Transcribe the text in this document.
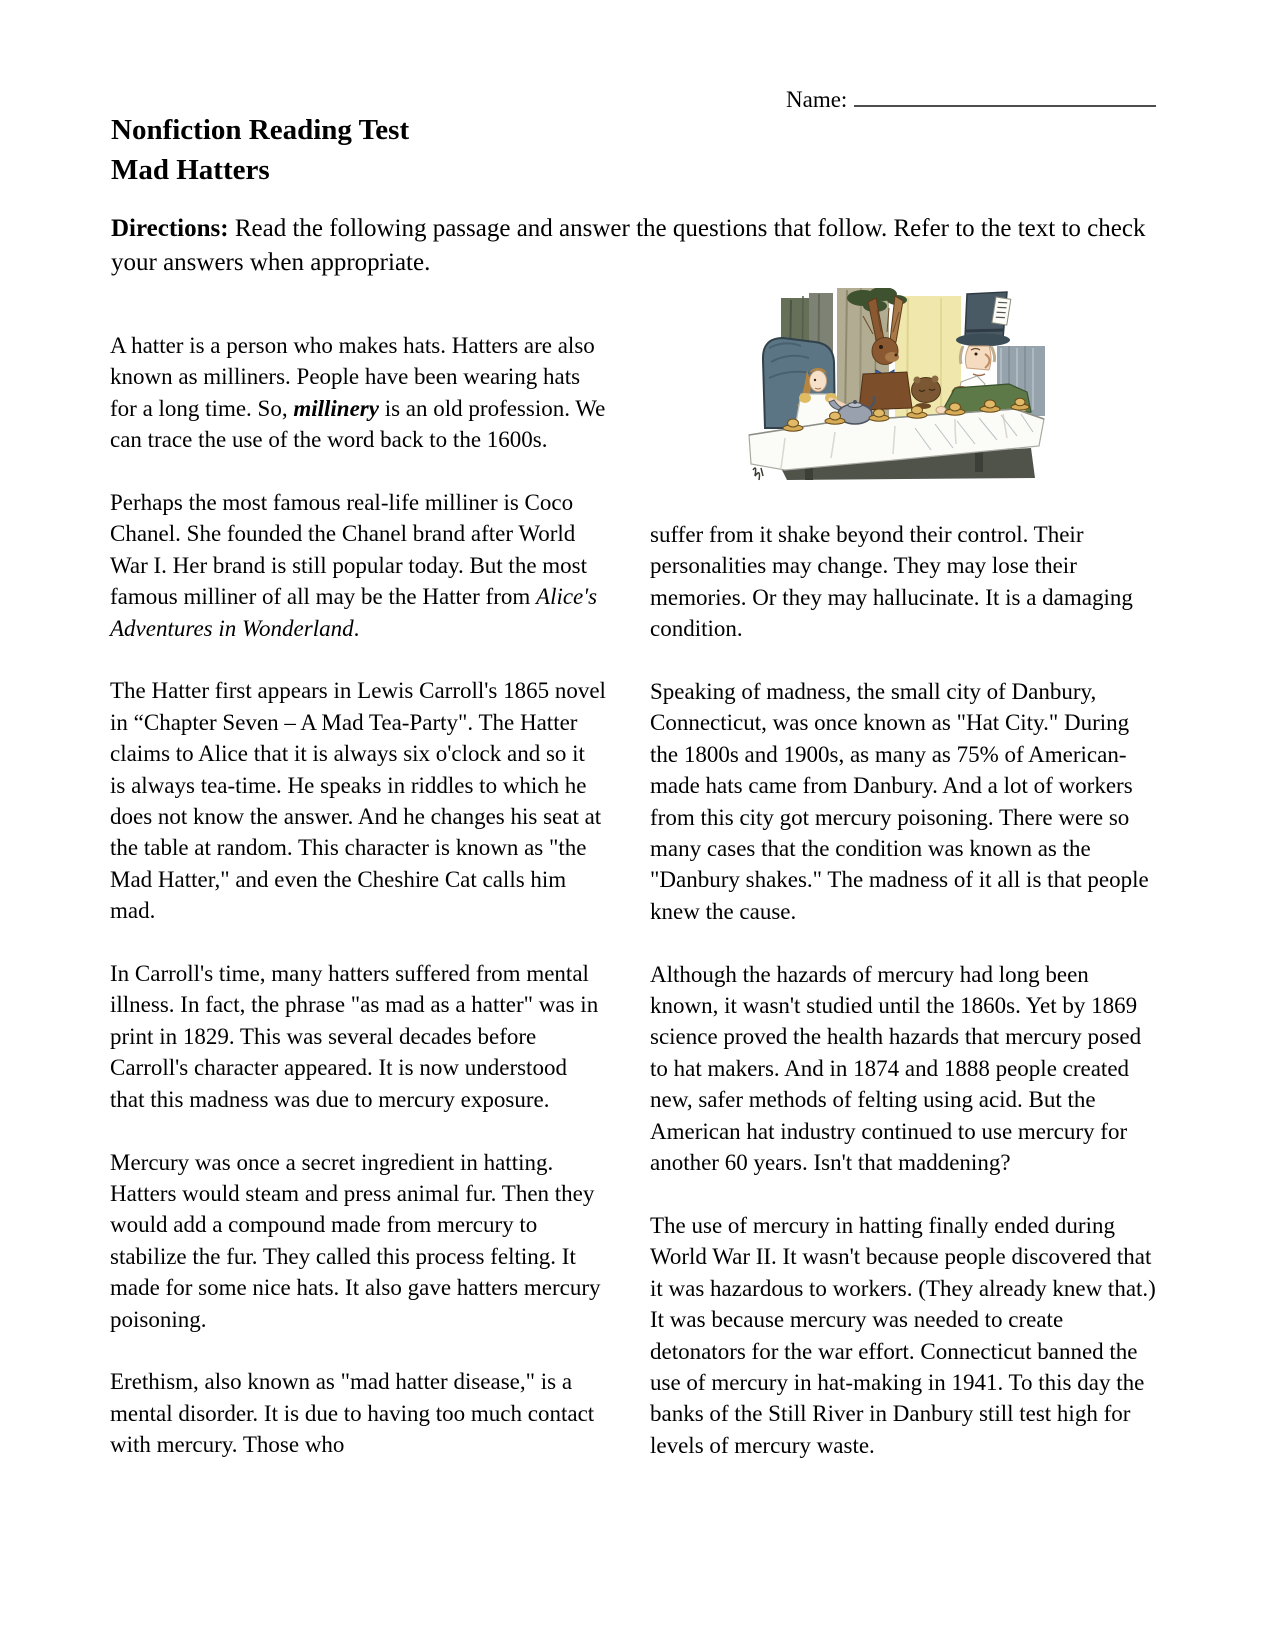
Name:
Nonfiction Reading Test
Mad Hatters
Directions: Read the following passage and answer the questions that follow. Refer to the text to check your answers when appropriate.

A hatter is a person who makes hats. Hatters are also known as milliners. People have been wearing hats for a long time. So, millinery is an old profession. We can trace the use of the word back to the 1600s.

Perhaps the most famous real-life milliner is Coco Chanel. She founded the Chanel brand after World War I. Her brand is still popular today. But the most famous milliner of all may be the Hatter from Alice's Adventures in Wonderland.

The Hatter first appears in Lewis Carroll's 1865 novel in “Chapter Seven – A Mad Tea-Party". The Hatter claims to Alice that it is always six o'clock and so it is always tea-time. He speaks in riddles to which he does not know the answer. And he changes his seat at the table at random. This character is known as "the Mad Hatter," and even the Cheshire Cat calls him mad.

In Carroll's time, many hatters suffered from mental illness. In fact, the phrase "as mad as a hatter" was in print in 1829. This was several decades before Carroll's character appeared. It is now understood that this madness was due to mercury exposure.

Mercury was once a secret ingredient in hatting. Hatters would steam and press animal fur. Then they would add a compound made from mercury to stabilize the fur. They called this process felting. It made for some nice hats. It also gave hatters mercury poisoning.

Erethism, also known as "mad hatter disease," is a mental disorder. It is due to having too much contact with mercury. Those who

suffer from it shake beyond their control. Their personalities may change. They may lose their memories. Or they may hallucinate. It is a damaging condition.

Speaking of madness, the small city of Danbury, Connecticut, was once known as "Hat City." During the 1800s and 1900s, as many as 75% of American-made hats came from Danbury. And a lot of workers from this city got mercury poisoning. There were so many cases that the condition was known as the "Danbury shakes." The madness of it all is that people knew the cause.

Although the hazards of mercury had long been known, it wasn't studied until the 1860s. Yet by 1869 science proved the health hazards that mercury posed to hat makers. And in 1874 and 1888 people created new, safer methods of felting using acid. But the American hat industry continued to use mercury for another 60 years. Isn't that maddening?

The use of mercury in hatting finally ended during World War II. It wasn't because people discovered that it was hazardous to workers. (They already knew that.) It was because mercury was needed to create detonators for the war effort. Connecticut banned the use of mercury in hat-making in 1941. To this day the banks of the Still River in Danbury still test high for levels of mercury waste.
